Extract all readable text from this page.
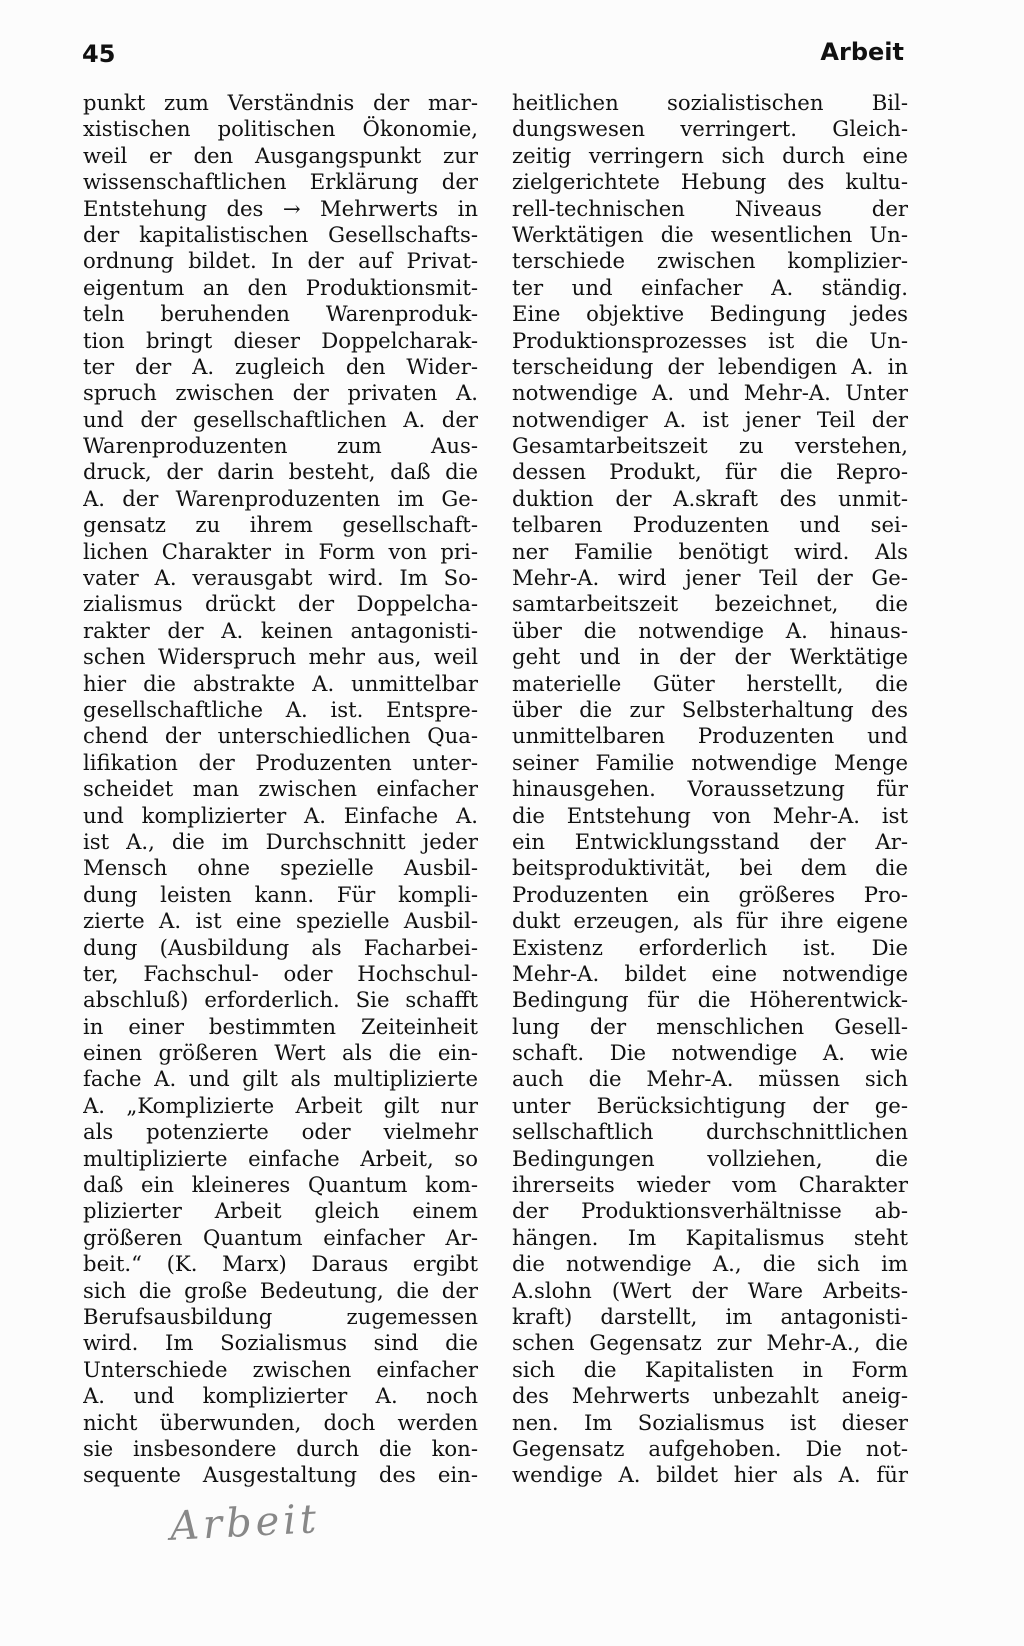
45	Arbeit
punkt zum Verständnis der mar-
xistischen politischen Ökonomie,
weil er den Ausgangspunkt zur
wissenschaftlichen Erklärung der
Entstehung des → Mehrwerts in
der kapitalistischen Gesellschafts-
ordnung bildet. In der auf Privat-
eigentum an den Produktionsmit-
teln beruhenden Warenproduk-
tion bringt dieser Doppelcharak-
ter der A. zugleich den Wider-
spruch zwischen der privaten A.
und der gesellschaftlichen A. der
Warenproduzenten zum Aus-
druck, der darin besteht, daß die
A. der Warenproduzenten im Ge-
gensatz zu ihrem gesellschaft-
lichen Charakter in Form von pri-
vater A. verausgabt wird. Im So-
zialismus drückt der Doppelcha-
rakter der A. keinen antagonisti-
schen Widerspruch mehr aus, weil
hier die abstrakte A. unmittelbar
gesellschaftliche A. ist. Entspre-
chend der unterschiedlichen Qua-
lifikation der Produzenten unter-
scheidet man zwischen einfacher
und komplizierter A. Einfache A.
ist A., die im Durchschnitt jeder
Mensch ohne spezielle Ausbil-
dung leisten kann. Für kompli-
zierte A. ist eine spezielle Ausbil-
dung (Ausbildung als Facharbei-
ter, Fachschul- oder Hochschul-
abschluß) erforderlich. Sie schafft
in einer bestimmten Zeiteinheit
einen größeren Wert als die ein-
fache A. und gilt als multiplizierte
A. „Komplizierte Arbeit gilt nur
als potenzierte oder vielmehr
multiplizierte einfache Arbeit, so
daß ein kleineres Quantum kom-
plizierter Arbeit gleich einem
größeren Quantum einfacher Ar-
beit.“ (K. Marx) Daraus ergibt
sich die große Bedeutung, die der
Berufsausbildung zugemessen
wird. Im Sozialismus sind die
Unterschiede zwischen einfacher
A. und komplizierter A. noch
nicht überwunden, doch werden
sie insbesondere durch die kon-
sequente Ausgestaltung des ein-
heitlichen sozialistischen Bil-
dungswesen verringert. Gleich-
zeitig verringern sich durch eine
zielgerichtete Hebung des kultu-
rell-technischen Niveaus der
Werktätigen die wesentlichen Un-
terschiede zwischen komplizier-
ter und einfacher A. ständig.
Eine objektive Bedingung jedes
Produktionsprozesses ist die Un-
terscheidung der lebendigen A. in
notwendige A. und Mehr-A. Unter
notwendiger A. ist jener Teil der
Gesamtarbeitszeit zu verstehen,
dessen Produkt, für die Repro-
duktion der A.skraft des unmit-
telbaren Produzenten und sei-
ner Familie benötigt wird. Als
Mehr-A. wird jener Teil der Ge-
samtarbeitszeit bezeichnet, die
über die notwendige A. hinaus-
geht und in der der Werktätige
materielle Güter herstellt, die
über die zur Selbsterhaltung des
unmittelbaren Produzenten und
seiner Familie notwendige Menge
hinausgehen. Voraussetzung für
die Entstehung von Mehr-A. ist
ein Entwicklungsstand der Ar-
beitsproduktivität, bei dem die
Produzenten ein größeres Pro-
dukt erzeugen, als für ihre eigene
Existenz erforderlich ist. Die
Mehr-A. bildet eine notwendige
Bedingung für die Höherentwick-
lung der menschlichen Gesell-
schaft. Die notwendige A. wie
auch die Mehr-A. müssen sich
unter Berücksichtigung der ge-
sellschaftlich durchschnittlichen
Bedingungen vollziehen, die
ihrerseits wieder vom Charakter
der Produktionsverhältnisse ab-
hängen. Im Kapitalismus steht
die notwendige A., die sich im
A.slohn (Wert der Ware Arbeits-
kraft) darstellt, im antagonisti-
schen Gegensatz zur Mehr-A., die
sich die Kapitalisten in Form
des Mehrwerts unbezahlt aneig-
nen. Im Sozialismus ist dieser
Gegensatz aufgehoben. Die not-
wendige A. bildet hier als A. für
Arbeit
